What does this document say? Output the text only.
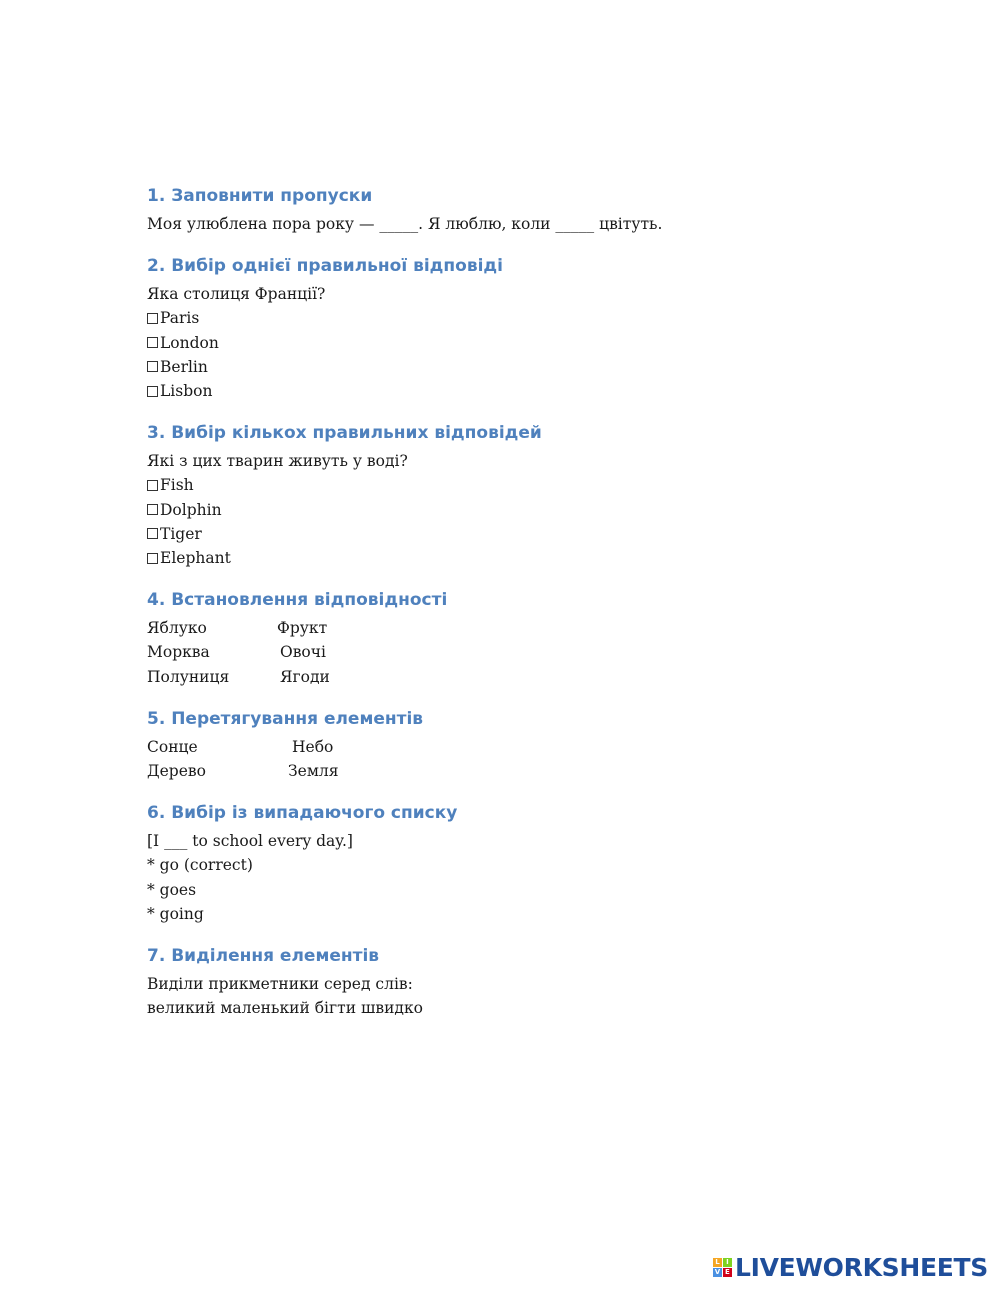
1. Заповнити пропуски

Моя улюблена пора року — _____. Я люблю, коли _____ цвітуть.

2. Вибір однієї правильної відповіді

Яка столиця Франції?

Paris
London
Berlin
Lisbon
3. Вибір кількох правильних відповідей

Які з цих тварин живуть у воді?

Fish
Dolphin
Tiger
Elephant
4. Встановлення відповідності
Яблуко	Фрукт
Морква	Овочі
Полуниця	Ягоди
5. Перетягування елементів
Сонце	Небо
Дерево	Земля
6. Вибір із випадаючого списку

[I ___ to school every day.]

* go (correct)

* goes

* going

7. Виділення елементів

Виділи прикметники серед слів:

великий маленький бігти швидко

L I
V E LIVEWORKSHEETS
